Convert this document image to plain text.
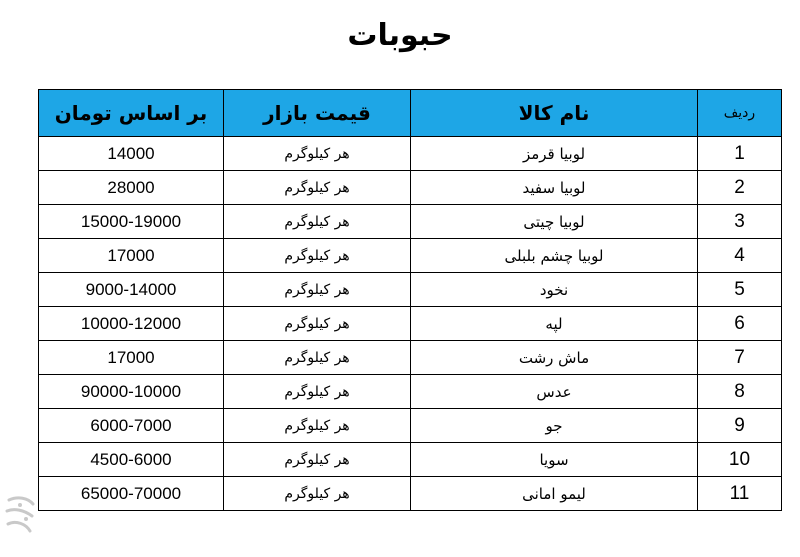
حبوبات
ردیف	نام کالا	قیمت بازار	بر اساس تومان
1	لوبیا قرمز	هر کیلوگرم	14000
2	لوبیا سفید	هر کیلوگرم	28000
3	لوبیا چیتی	هر کیلوگرم	15000-19000
4	لوبیا چشم بلبلی	هر کیلوگرم	17000
5	نخود	هر کیلوگرم	9000-14000
6	لپه	هر کیلوگرم	10000-12000
7	ماش رشت	هر کیلوگرم	17000
8	عدس	هر کیلوگرم	90000-10000
9	جو	هر کیلوگرم	6000-7000
10	سویا	هر کیلوگرم	4500-6000
11	لیمو امانی	هر کیلوگرم	65000-70000
